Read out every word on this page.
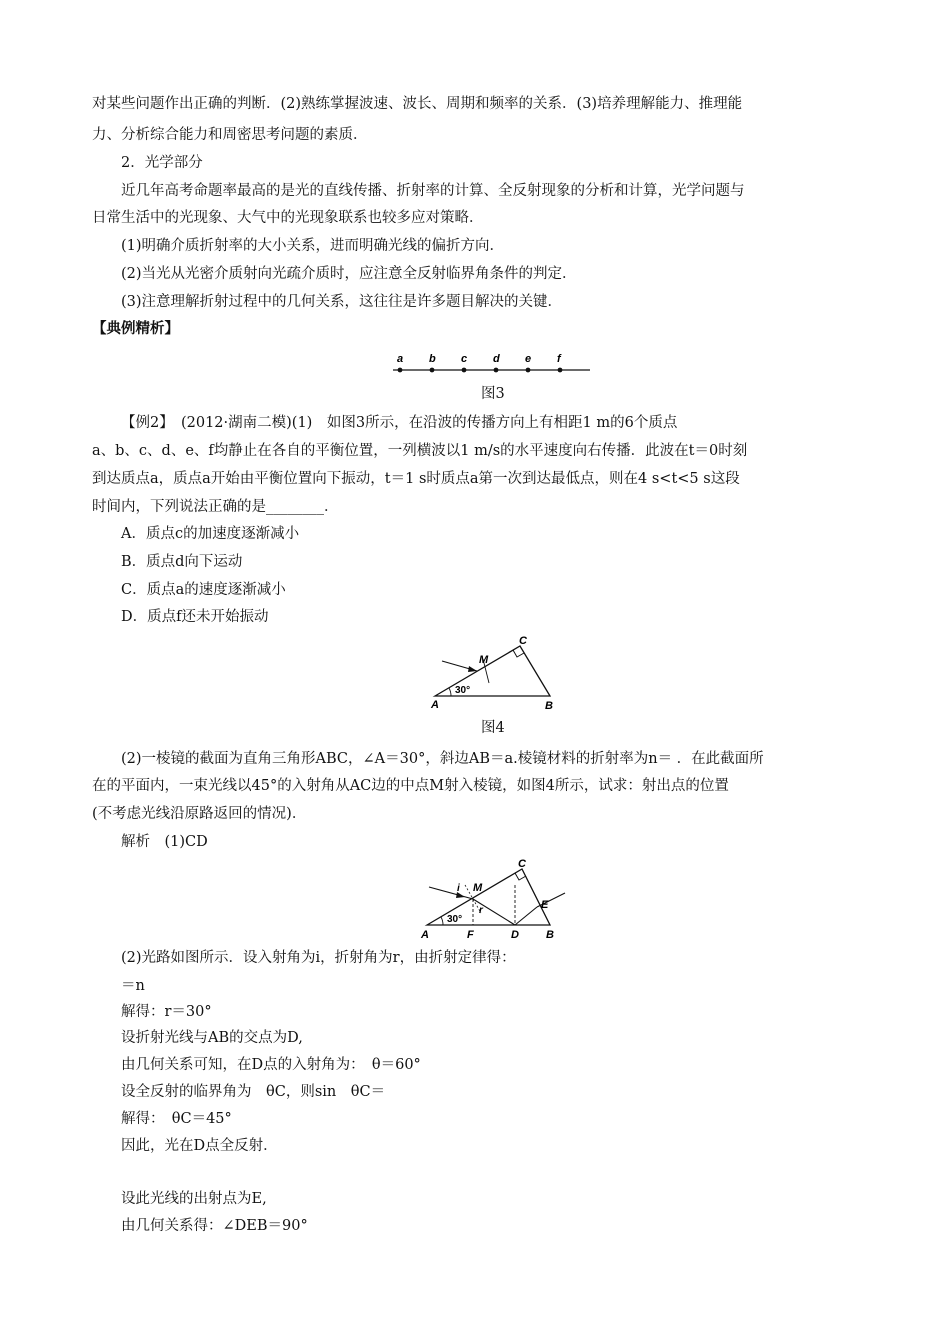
对某些问题作出正确的判断．(2)熟练掌握波速、波长、周期和频率的关系．(3)培养理解能力、推理能
力、分析综合能力和周密思考问题的素质．
2．光学部分
近几年高考命题率最高的是光的直线传播、折射率的计算、全反射现象的分析和计算，光学问题与
日常生活中的光现象、大气中的光现象联系也较多应对策略．
(1)明确介质折射率的大小关系，进而明确光线的偏折方向．
(2)当光从光密介质射向光疏介质时，应注意全反射临界角条件的判定．
(3)注意理解折射过程中的几何关系，这往往是许多题目解决的关键．
【典例精析】
a b c d e f
图3
【例2】　(2012·湖南二模)(1)　如图3所示，在沿波的传播方向上有相距1 m的6个质点
a、b、c、d、e、f均静止在各自的平衡位置，一列横波以1 m/s的水平速度向右传播．此波在t＝0时刻
到达质点a，质点a开始由平衡位置向下振动，t＝1 s时质点a第一次到达最低点，则在4 s<t<5 s这段
时间内，下列说法正确的是________．
A．质点c的加速度逐渐减小
B．质点d向下运动
C．质点a的速度逐渐减小
D．质点f还未开始振动
C
M
30°
A	B
图4
(2)一棱镜的截面为直角三角形ABC，∠A＝30°，斜边AB＝a.棱镜材料的折射率为n＝ ．在此截面所
在的平面内，一束光线以45°的入射角从AC边的中点M射入棱镜，如图4所示，试求：射出点的位置
(不考虑光线沿原路返回的情况)．
解析　(1)CD
C
M
i
r
30°
E
A	F	D B
(2)光路如图所示．设入射角为i，折射角为r，由折射定律得：
＝n
解得：r＝30°
设折射光线与AB的交点为D,
由几何关系可知，在D点的入射角为：　θ＝60°
设全反射的临界角为　θC，则sin　θC＝
解得：　θC＝45°
因此，光在D点全反射．
设此光线的出射点为E,
由几何关系得：∠DEB＝90°
